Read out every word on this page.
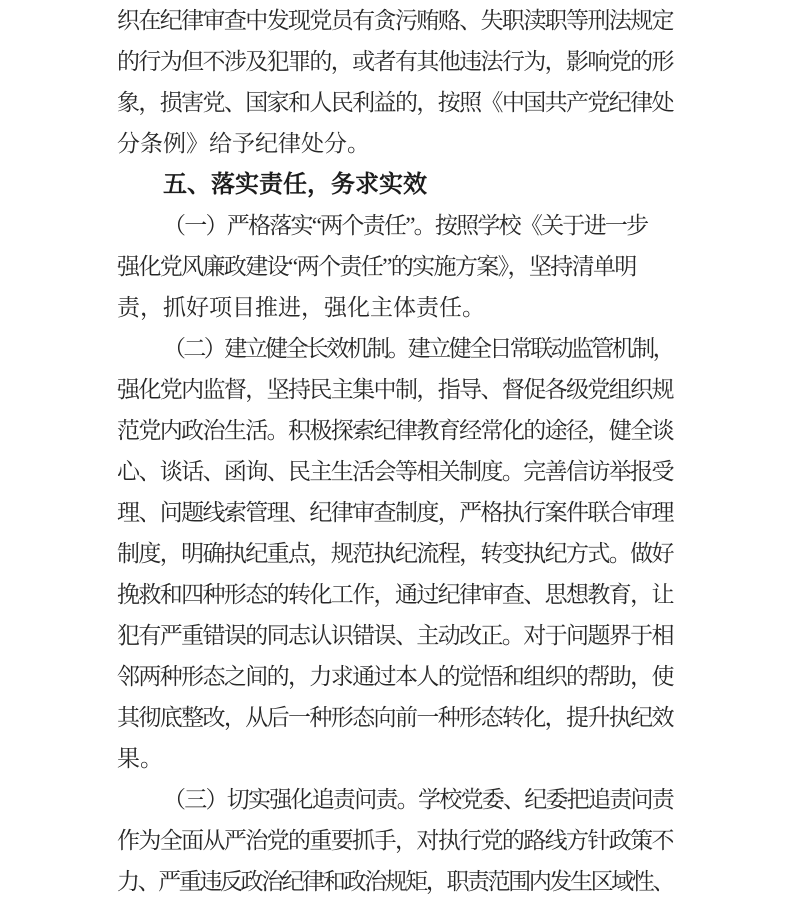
织在纪律审查中发现党员有贪污贿赂、失职渎职等刑法规定
的行为但不涉及犯罪的，或者有其他违法行为，影响党的形
象，损害党、国家和人民利益的，按照《中国共产党纪律处
分条例》给予纪律处分。
五、落实责任，务求实效
（一）严格落实“两个责任”。按照学校《关于进一步
强化党风廉政建设“两个责任”的实施方案》，坚持清单明
责，抓好项目推进，强化主体责任。
（二）建立健全长效机制。建立健全日常联动监管机制，
强化党内监督，坚持民主集中制，指导、督促各级党组织规
范党内政治生活。积极探索纪律教育经常化的途径，健全谈
心、谈话、函询、民主生活会等相关制度。完善信访举报受
理、问题线索管理、纪律审查制度，严格执行案件联合审理
制度，明确执纪重点，规范执纪流程，转变执纪方式。做好
挽救和四种形态的转化工作，通过纪律审查、思想教育，让
犯有严重错误的同志认识错误、主动改正。对于问题界于相
邻两种形态之间的，力求通过本人的觉悟和组织的帮助，使
其彻底整改，从后一种形态向前一种形态转化，提升执纪效
果。
（三）切实强化追责问责。学校党委、纪委把追责问责
作为全面从严治党的重要抓手，对执行党的路线方针政策不
力、严重违反政治纪律和政治规矩，职责范围内发生区域性、
